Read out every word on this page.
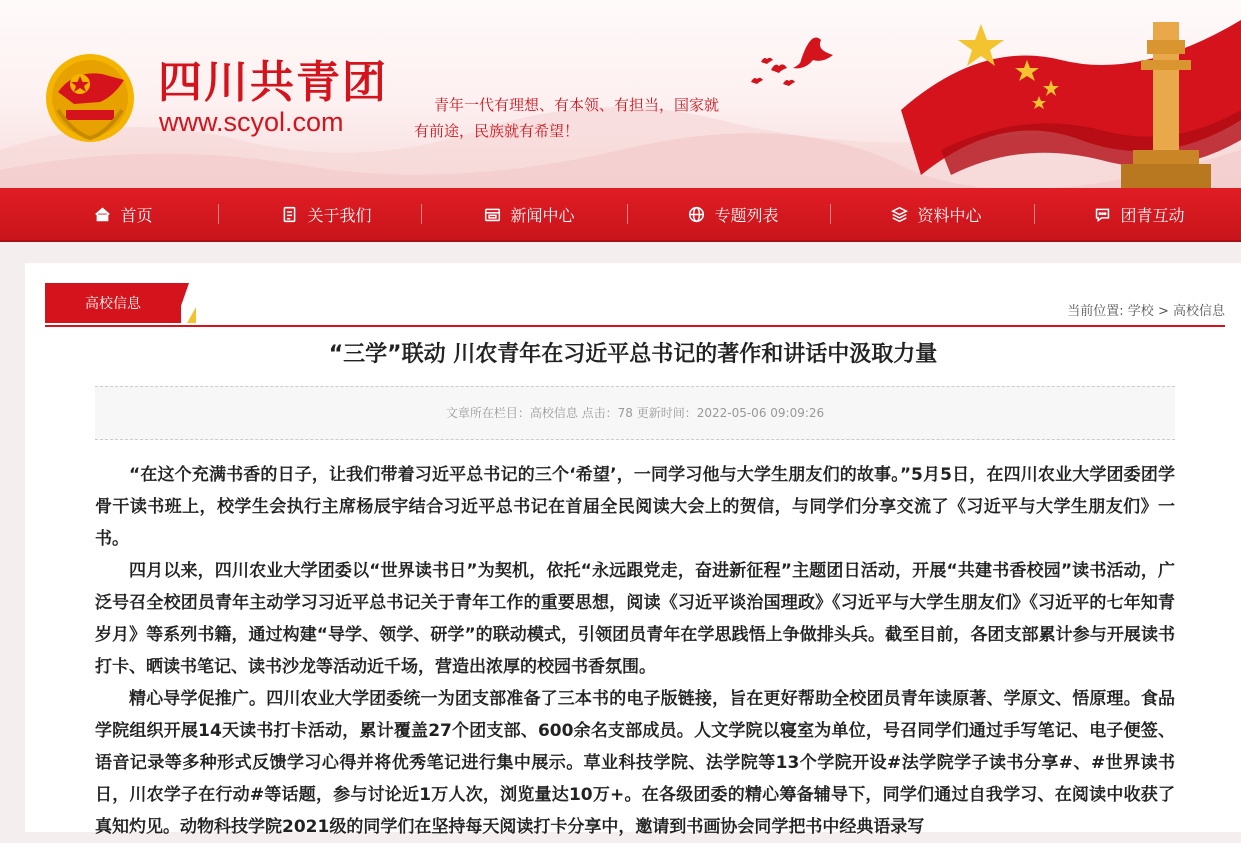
四川共青团
www.scyol.com
青年一代有理想、有本领、有担当，国家就
有前途，民族就有希望！
首页	关于我们	新闻中心	专题列表	资料中心	团青互动
高校信息	当前位置: 学校 > 高校信息
“三学”联动 川农青年在习近平总书记的著作和讲话中汲取力量
文章所在栏目：高校信息 点击：78 更新时间：2022-05-06 09:09:26

“在这个充满书香的日子，让我们带着习近平总书记的三个‘希望’，一同学习他与大学生朋友们的故事。”5月5日，在四川农业大学团委团学骨干读书班上，校学生会执行主席杨辰宇结合习近平总书记在首届全民阅读大会上的贺信，与同学们分享交流了《习近平与大学生朋友们》一书。

四月以来，四川农业大学团委以“世界读书日”为契机，依托“永远跟党走，奋进新征程”主题团日活动，开展“共建书香校园”读书活动，广泛号召全校团员青年主动学习习近平总书记关于青年工作的重要思想，阅读《习近平谈治国理政》《习近平与大学生朋友们》《习近平的七年知青岁月》等系列书籍，通过构建“导学、领学、研学”的联动模式，引领团员青年在学思践悟上争做排头兵。截至目前，各团支部累计参与开展读书打卡、晒读书笔记、读书沙龙等活动近千场，营造出浓厚的校园书香氛围。

精心导学促推广。四川农业大学团委统一为团支部准备了三本书的电子版链接，旨在更好帮助全校团员青年读原著、学原文、悟原理。食品学院组织开展14天读书打卡活动，累计覆盖27个团支部、600余名支部成员。人文学院以寝室为单位，号召同学们通过手写笔记、电子便签、语音记录等多种形式反馈学习心得并将优秀笔记进行集中展示。草业科技学院、法学院等13个学院开设#法学院学子读书分享#、#世界读书日，川农学子在行动#等话题，参与讨论近1万人次，浏览量达10万+。在各级团委的精心筹备辅导下，同学们通过自我学习、在阅读中收获了真知灼见。动物科技学院2021级的同学们在坚持每天阅读打卡分享中，邀请到书画协会同学把书中经典语录写
